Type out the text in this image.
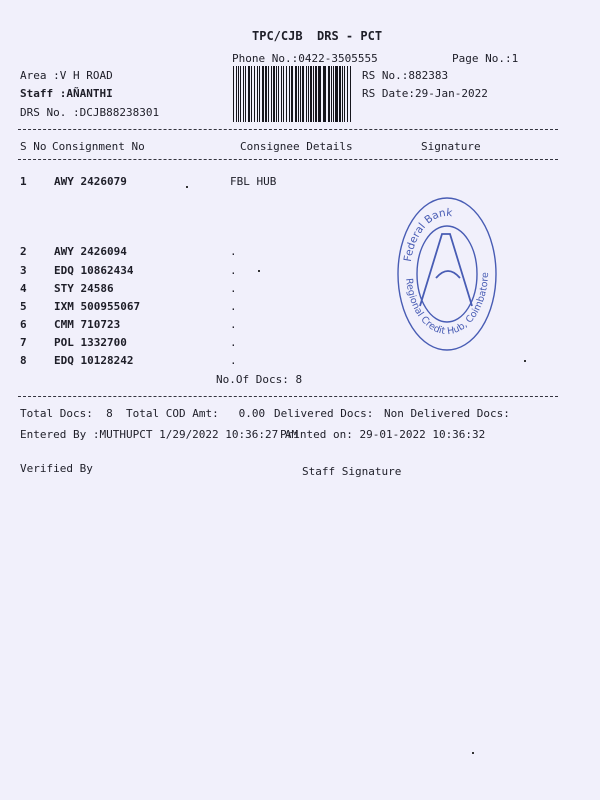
TPC/CJB  DRS - PCT
Phone No.:0422-3505555	Page No.:1
Area :V H ROAD
Staff :AÑANTHI
DRS No. :DCJB88238301
RS No.:882383
RS Date:29-Jan-2022
S No Consignment No	Consignee Details	Signature
1 AWY 2426079	FBL HUB
2 AWY 2426094	.
3 EDQ 10862434	.
4 STY 24586	.
5 IXM 500955067	.
6 CMM 710723	.
7 POL 1332700	.
8 EDQ 10128242	.
No.Of Docs: 8
Federal Bank
Regional Credit Hub, Coimbatore
Total Docs:  8 Total COD Amt:   0.00 Delivered Docs: Non Delivered Docs:
Entered By :MUTHUPCT 1/29/2022 10:36:27 AM
Printed on: 29-01-2022 10:36:32
Verified By	Staff Signature
